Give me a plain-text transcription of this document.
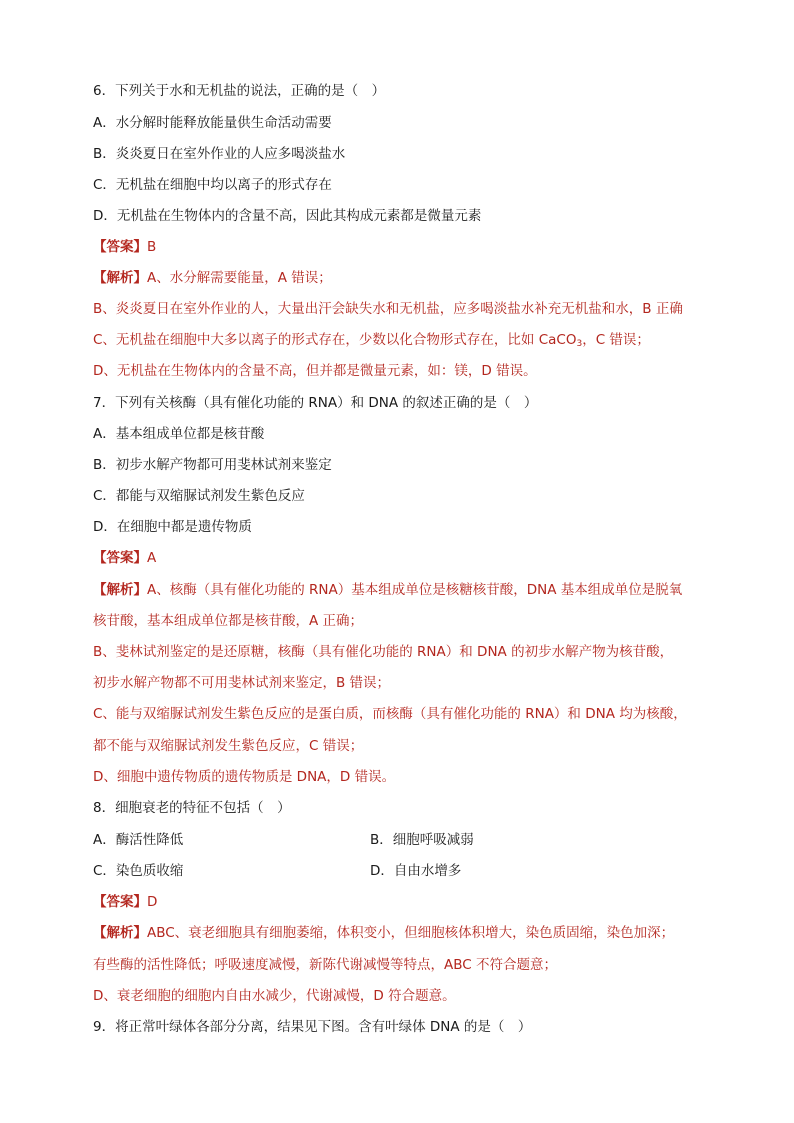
6．下列关于水和无机盐的说法，正确的是（　）
A．水分解时能释放能量供生命活动需要
B．炎炎夏日在室外作业的人应多喝淡盐水
C．无机盐在细胞中均以离子的形式存在
D．无机盐在生物体内的含量不高，因此其构成元素都是微量元素
【答案】B
【解析】A、水分解需要能量，A 错误；
B、炎炎夏日在室外作业的人，大量出汗会缺失水和无机盐，应多喝淡盐水补充无机盐和水，B 正确
C、无机盐在细胞中大多以离子的形式存在，少数以化合物形式存在，比如 CaCO$_3$，C 错误；
D、无机盐在生物体内的含量不高，但并都是微量元素，如：镁，D 错误。
7．下列有关核酶（具有催化功能的 RNA）和 DNA 的叙述正确的是（　）
A．基本组成单位都是核苷酸
B．初步水解产物都可用斐林试剂来鉴定
C．都能与双缩脲试剂发生紫色反应
D．在细胞中都是遗传物质
【答案】A
【解析】A、核酶（具有催化功能的 RNA）基本组成单位是核糖核苷酸，DNA 基本组成单位是脱氧
核苷酸，基本组成单位都是核苷酸，A 正确；
B、斐林试剂鉴定的是还原糖，核酶（具有催化功能的 RNA）和 DNA 的初步水解产物为核苷酸，
初步水解产物都不可用斐林试剂来鉴定，B 错误；
C、能与双缩脲试剂发生紫色反应的是蛋白质，而核酶（具有催化功能的 RNA）和 DNA 均为核酸，
都不能与双缩脲试剂发生紫色反应，C 错误；
D、细胞中遗传物质的遗传物质是 DNA，D 错误。
8．细胞衰老的特征不包括（　）
A．酶活性降低	B．细胞呼吸减弱
C．染色质收缩	D．自由水增多
【答案】D
【解析】ABC、衰老细胞具有细胞萎缩，体积变小，但细胞核体积增大，染色质固缩，染色加深；
有些酶的活性降低；呼吸速度减慢，新陈代谢减慢等特点，ABC 不符合题意；
D、衰老细胞的细胞内自由水减少，代谢减慢，D 符合题意。
9．将正常叶绿体各部分分离，结果见下图。含有叶绿体 DNA 的是（　）
